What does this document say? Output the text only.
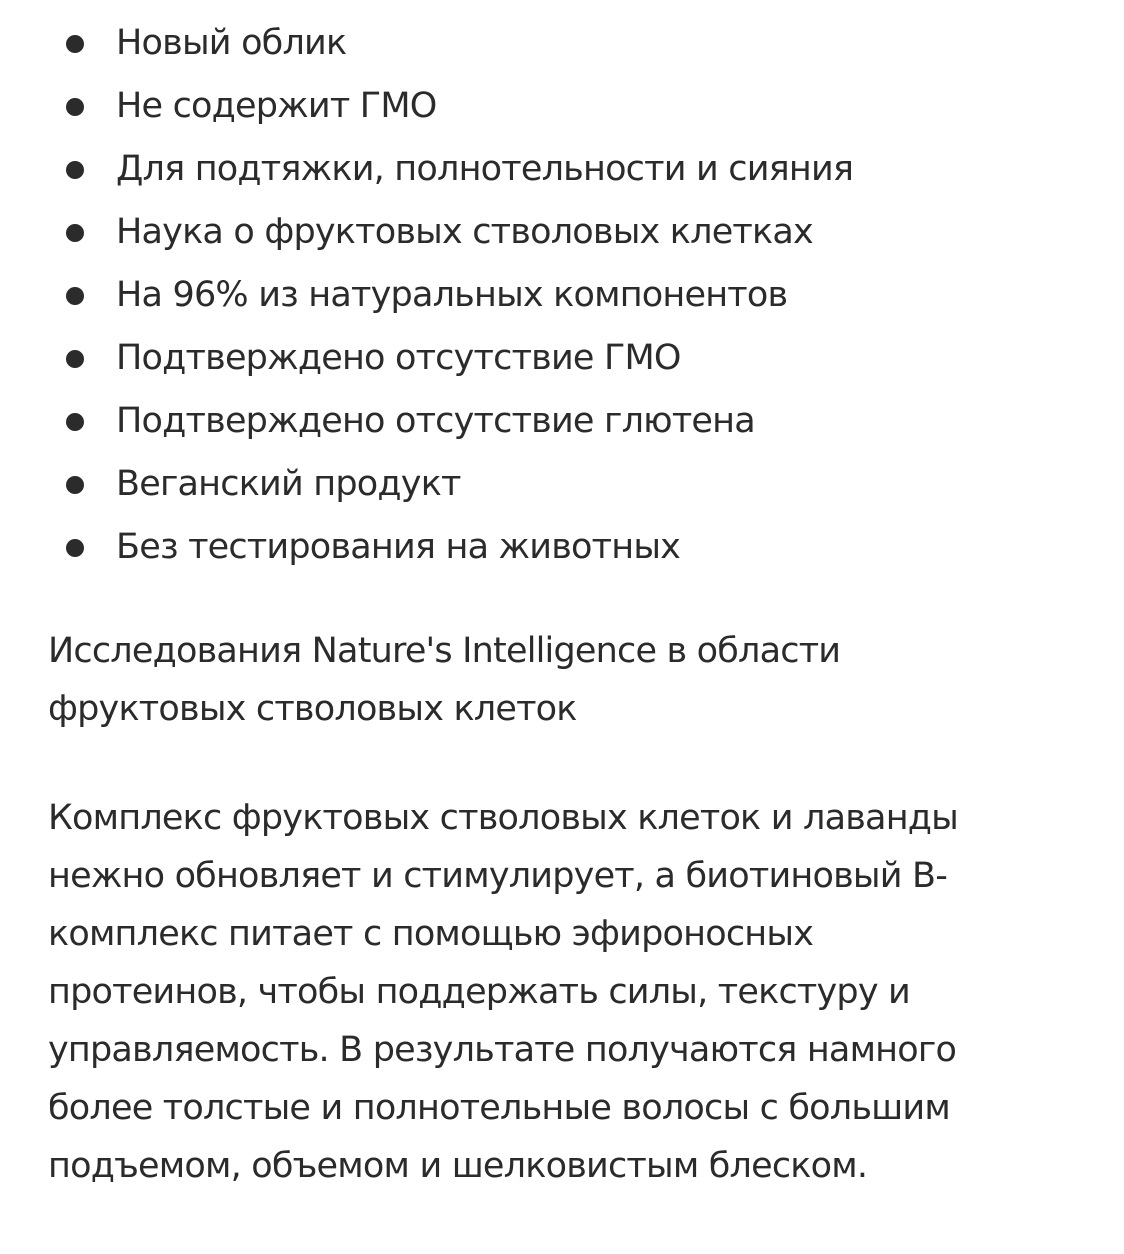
Новый облик
Не содержит ГМО
Для подтяжки, полнотельности и сияния
Наука о фруктовых стволовых клетках
На 96% из натуральных компонентов
Подтверждено отсутствие ГМО
Подтверждено отсутствие глютена
Веганский продукт
Без тестирования на животных
Исследования Nature's Intelligence в области
фруктовых стволовых клеток
Комплекс фруктовых стволовых клеток и лаванды
нежно обновляет и стимулирует, а биотиновый В-
комплекс питает с помощью эфироносных
протеинов, чтобы поддержать силы, текстуру и
управляемость. В результате получаются намного
более толстые и полнотельные волосы с большим
подъемом, объемом и шелковистым блеском.
